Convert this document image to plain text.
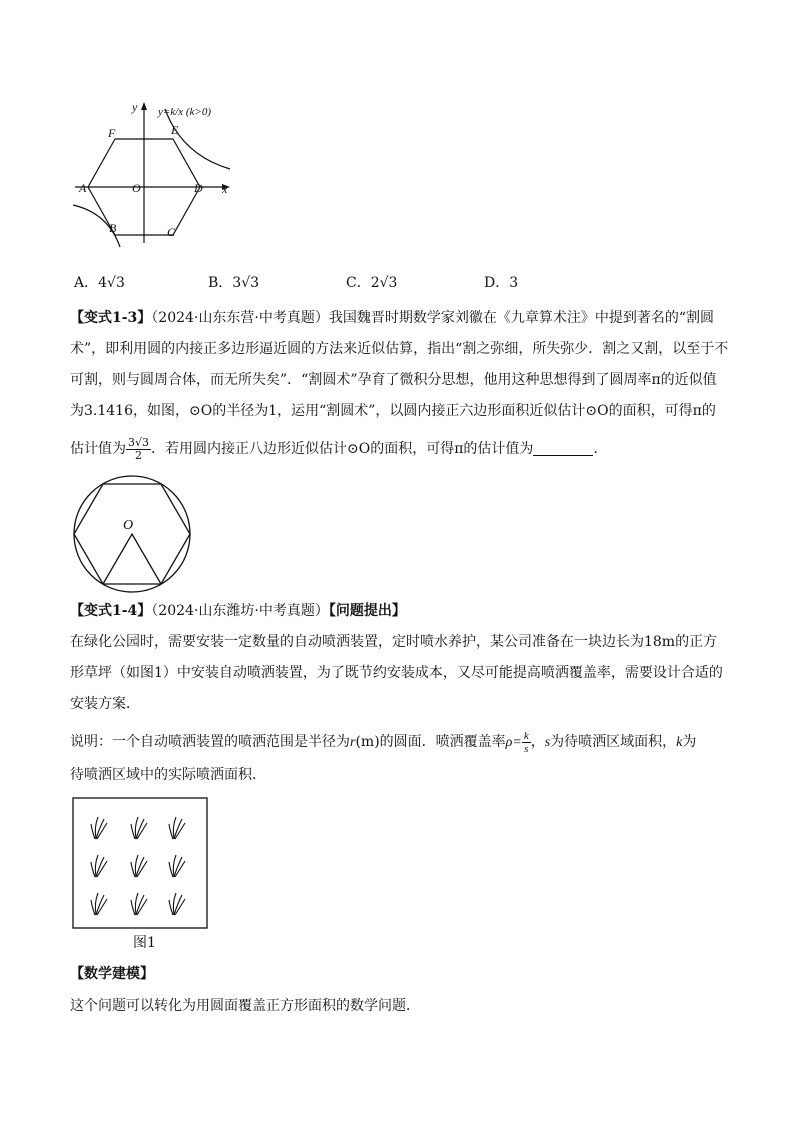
y
x
y=k/x (k>0)
A
B	C
D
E
F
O
A．4√3	B．3√3	C．2√3	D．3
【变式1-3】（2024·山东东营·中考真题）我国魏晋时期数学家刘徽在《九章算术注》中提到著名的“割圆
术”，即利用圆的内接正多边形逼近圆的方法来近似估算，指出“割之弥细，所失弥少．割之又割，以至于不
可割，则与圆周合体，而无所失矣”．“割圆术”孕育了微积分思想，他用这种思想得到了圆周率π的近似值
为3.1416，如图，⊙O的半径为1，运用“割圆术”，以圆内接正六边形面积近似估计⊙O的面积，可得π的
估计值为 $\frac{3√3}{2}$ ．若用圆内接正八边形近似估计⊙O的面积，可得π的估计值为	．
O
【变式1-4】（2024·山东潍坊·中考真题）【问题提出】
在绿化公园时，需要安装一定数量的自动喷洒装置，定时喷水养护，某公司准备在一块边长为18m的正方
形草坪（如图1）中安装自动喷洒装置，为了既节约安装成本，又尽可能提高喷洒覆盖率，需要设计合适的
安装方案．
说明：一个自动喷洒装置的喷洒范围是半径为r(m)的圆面．喷洒覆盖率$\rho= \frac{k}{s}$ ，s为待喷洒区域面积，k为
待喷洒区域中的实际喷洒面积．
图1
【数学建模】
这个问题可以转化为用圆面覆盖正方形面积的数学问题．
